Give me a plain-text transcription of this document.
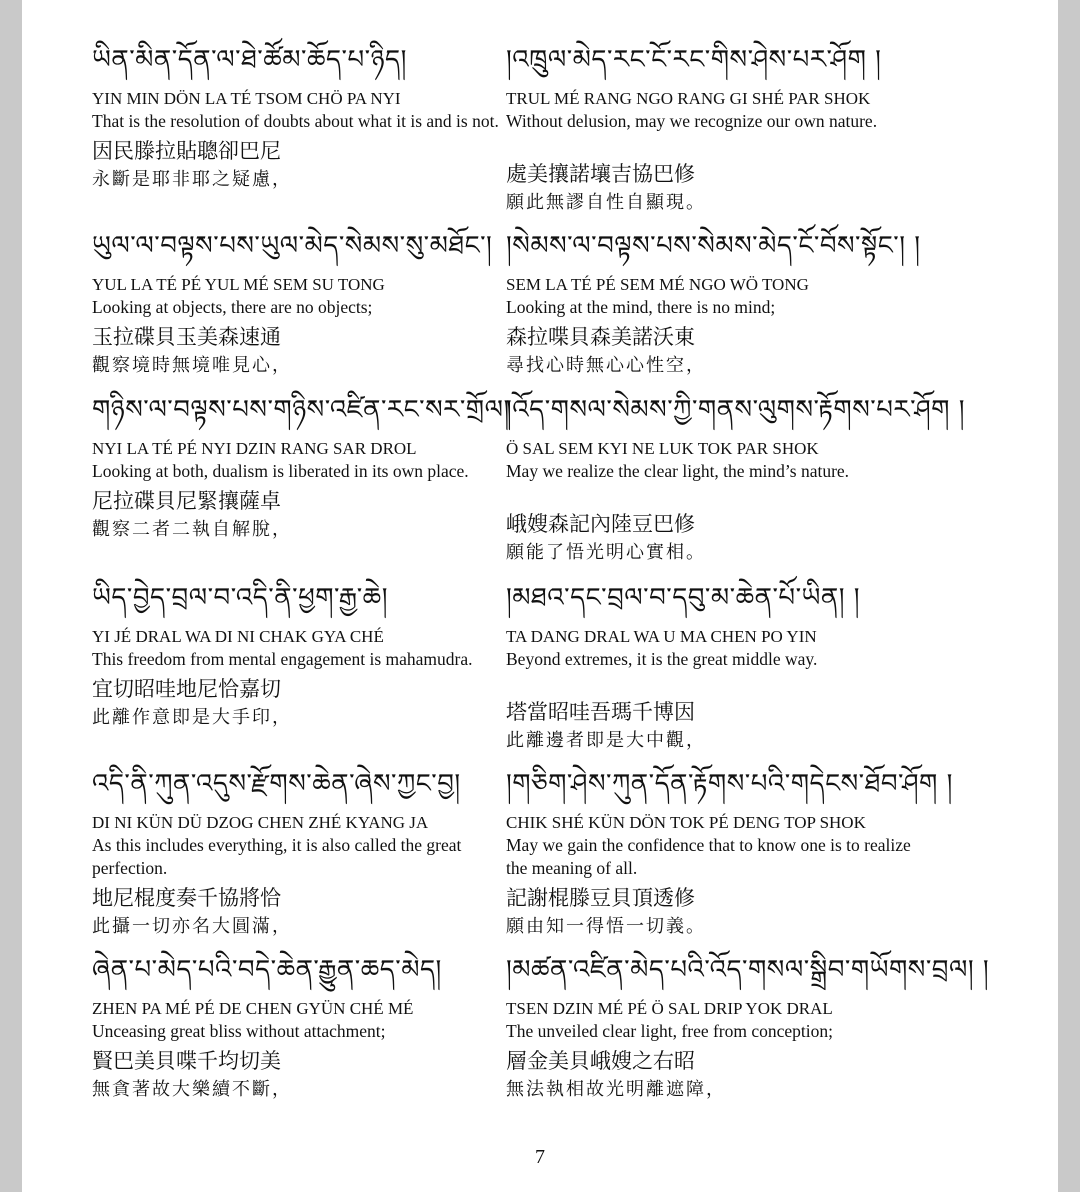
ཡིན་མིན་དོན་ལ་ཐེ་ཚོམ་ཆོད་པ་ཉིད།
YIN MIN DÖN LA TÉ TSOM CHÖ PA NYI
That is the resolution of doubts about what it is and is not.
因民滕拉貼聰卻巴尼
永斷是耶非耶之疑慮，
ཡུལ་ལ་བལྟས་པས་ཡུལ་མེད་སེམས་སུ་མཐོང་།
YUL LA TÉ PÉ YUL MÉ SEM SU TONG
Looking at objects, there are no objects;
玉拉碟貝玉美森速通
觀察境時無境唯見心，
གཉིས་ལ་བལྟས་པས་གཉིས་འཛིན་རང་སར་གྲོལ།
NYI LA TÉ PÉ NYI DZIN RANG SAR DROL
Looking at both, dualism is liberated in its own place.
尼拉碟貝尼緊攘薩卓
觀察二者二執自解脫，
ཡིད་བྱེད་བྲལ་བ་འདི་ནི་ཕྱག་རྒྱ་ཆེ།
YI JÉ DRAL WA DI NI CHAK GYA CHÉ
This freedom from mental engagement is mahamudra.
宜切昭哇地尼恰嘉切
此離作意即是大手印，
འདི་ནི་ཀུན་འདུས་རྫོགས་ཆེན་ཞེས་ཀྱང་བྱ།
DI NI KÜN DÜ DZOG CHEN ZHÉ KYANG JA
As this includes everything, it is also called the great perfection.
地尼棍度奏千協將恰
此攝一切亦名大圓滿，
ཞེན་པ་མེད་པའི་བདེ་ཆེན་རྒྱུན་ཆད་མེད།
ZHEN PA MÉ PÉ DE CHEN GYÜN CHÉ MÉ
Unceasing great bliss without attachment;
賢巴美貝喋千均切美
無貪著故大樂續不斷，
།འཁྲུལ་མེད་རང་ངོ་རང་གིས་ཤེས་པར་ཤོག །
TRUL MÉ RANG NGO RANG GI SHÉ PAR SHOK
Without delusion, may we recognize our own nature.
處美攘諾壤吉協巴修
願此無謬自性自顯現。
།སེམས་ལ་བལྟས་པས་སེམས་མེད་ངོ་བོས་སྟོང་། །
SEM LA TÉ PÉ SEM MÉ NGO WÖ TONG
Looking at the mind, there is no mind;
森拉喋貝森美諾沃東
尋找心時無心心性空，
།འོད་གསལ་སེམས་ཀྱི་གནས་ལུགས་རྟོགས་པར་ཤོག །
Ö SAL SEM KYI NE LUK TOK PAR SHOK
May we realize the clear light, the mind’s nature.
峨嫂森記內陸豆巴修
願能了悟光明心實相。
།མཐའ་དང་བྲལ་བ་དབུ་མ་ཆེན་པོ་ཡིན། །
TA DANG DRAL WA U MA CHEN PO YIN
Beyond extremes, it is the great middle way.
塔當昭哇吾瑪千博因
此離邊者即是大中觀，
།གཅིག་ཤེས་ཀུན་དོན་རྟོགས་པའི་གདེངས་ཐོབ་ཤོག །
CHIK SHÉ KÜN DÖN TOK PÉ DENG TOP SHOK
May we gain the confidence that to know one is to realize the meaning of all.
記謝棍滕豆貝頂透修
願由知一得悟一切義。
།མཚན་འཛིན་མེད་པའི་འོད་གསལ་སྒྲིབ་གཡོགས་བྲལ། །
TSEN DZIN MÉ PÉ Ö SAL DRIP YOK DRAL
The unveiled clear light, free from conception;
層金美貝峨嫂之右昭
無法執相故光明離遮障，
7
